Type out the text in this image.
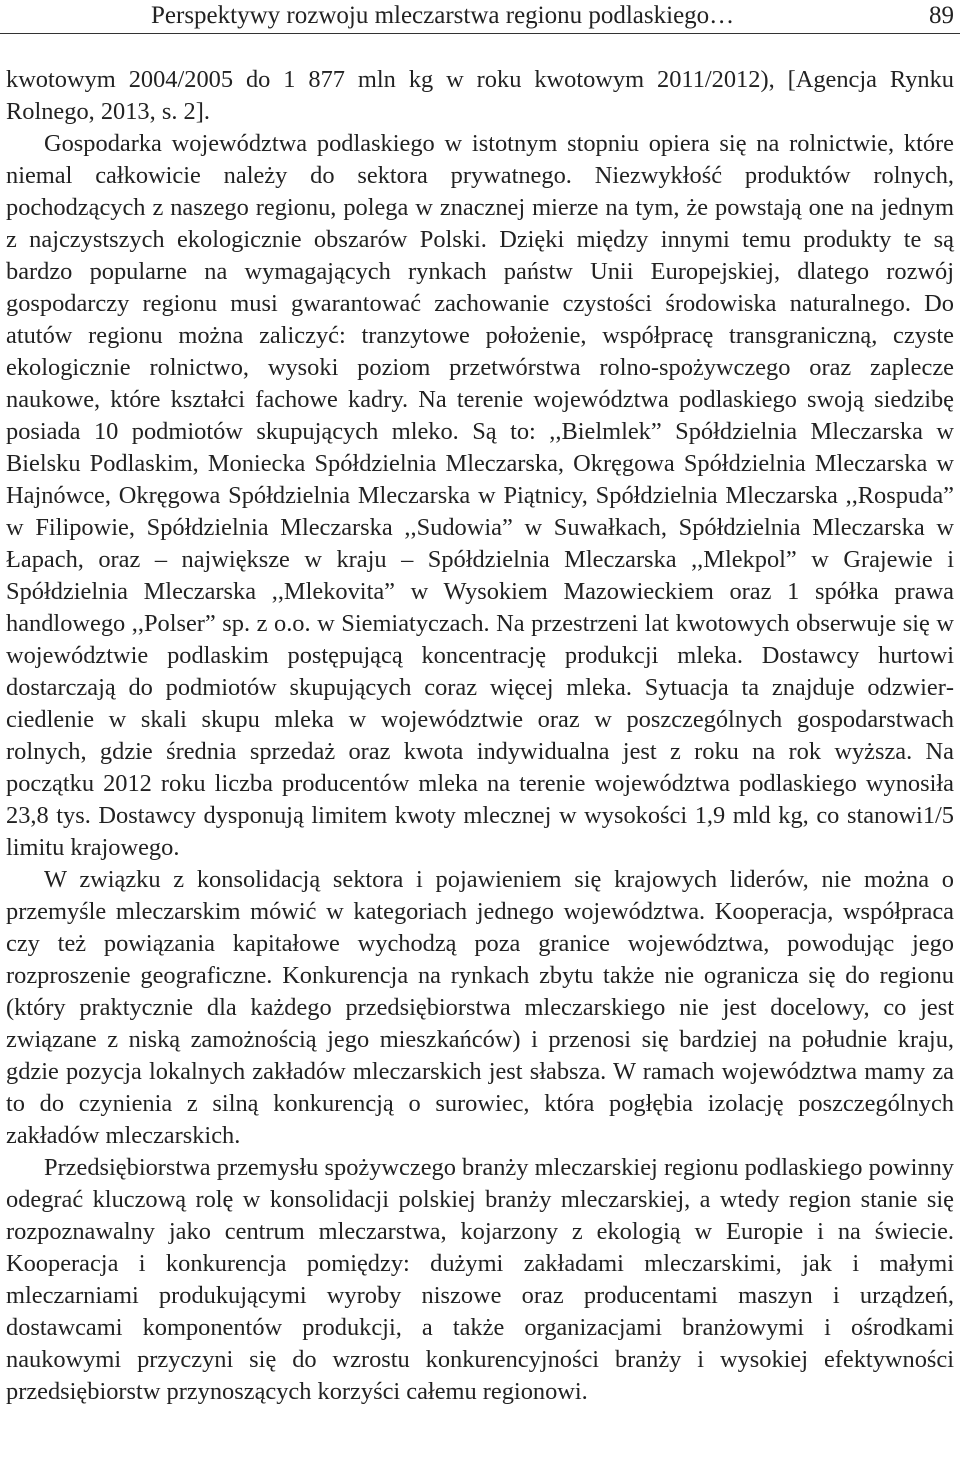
Perspektywy rozwoju mleczarstwa regionu podlaskiego…	89

kwotowym 2004/2005 do 1 877 mln kg w roku kwotowym 2011/2012), [Agencja Rynku Rolnego, 2013, s. 2].

Gospodarka województwa podlaskiego w istotnym stopniu opiera się na rolnictwie, które niemal całkowicie należy do sektora prywatnego. Niezwykłość produktów rolnych, pochodzących z naszego regionu, polega w znacznej mierze na tym, że powstają one na jednym z najczystszych ekologicznie obszarów Polski. Dzięki między innymi temu produkty te są bardzo popularne na wymagających rynkach państw Unii Europejskiej, dlatego rozwój gospodarczy regionu musi gwarantować zachowanie czystości środowiska naturalnego. Do atutów regionu można zaliczyć: tranzytowe położenie, współpracę transgraniczną, czyste ekologicznie rolnictwo, wysoki poziom przetwórstwa rolno-spożywczego oraz zaplecze naukowe, które kształci fachowe kadry. Na terenie województwa podlaskiego swoją siedzibę posiada 10 podmiotów skupujących mleko. Są to: ,,Bielmlek” Spółdzielnia Mleczarska w Bielsku Podlaskim, Moniecka Spółdzielnia Mleczarska, Okręgowa Spółdzielnia Mleczarska w Hajnówce, Okręgowa Spółdzielnia Mleczarska w Piątnicy, Spółdzielnia Mleczarska ,,Rospuda” w Filipowie, Spółdzielnia Mleczarska ,,Sudowia” w Suwałkach, Spółdzielnia Mleczarska w Łapach, oraz – największe w kraju – Spółdzielnia Mleczarska ,,Mlekpol” w Grajewie i Spółdzielnia Mleczarska ,,Mlekovita” w Wysokiem Mazowieckiem oraz 1 spółka prawa handlowego ,,Polser” sp. z o.o. w Siemiatyczach. Na przestrzeni lat kwotowych obserwuje się w województwie podlaskim postępującą koncentrację produkcji mleka. Dostawcy hurtowi dostarczają do podmiotów skupujących coraz więcej mleka. Sytuacja ta znajduje odzwierciedlenie w skali skupu mleka w województwie oraz w poszczególnych gospodarstwach rolnych, gdzie średnia sprzedaż oraz kwota indywidualna jest z roku na rok wyższa. Na początku 2012 roku liczba producentów mleka na terenie województwa podlaskiego wynosiła 23,8 tys. Dostawcy dysponują limitem kwoty mlecznej w wysokości 1,9 mld kg, co stanowi1/5 limitu krajowego.

W związku z konsolidacją sektora i pojawieniem się krajowych liderów, nie można o przemyśle mleczarskim mówić w kategoriach jednego województwa. Kooperacja, współpraca czy też powiązania kapitałowe wychodzą poza granice województwa, powodując jego rozproszenie geograficzne. Konkurencja na rynkach zbytu także nie ogranicza się do regionu (który praktycznie dla każdego przedsiębiorstwa mleczarskiego nie jest docelowy, co jest związane z niską zamożnością jego mieszkańców) i przenosi się bardziej na południe kraju, gdzie pozycja lokalnych zakładów mleczarskich jest słabsza. W ramach województwa mamy za to do czynienia z silną konkurencją o surowiec, która pogłębia izolację poszczególnych zakładów mleczarskich.

Przedsiębiorstwa przemysłu spożywczego branży mleczarskiej regionu podlaskiego powinny odegrać kluczową rolę w konsolidacji polskiej branży mleczarskiej, a wtedy region stanie się rozpoznawalny jako centrum mleczarstwa, kojarzony z ekologią w Europie i na świecie. Kooperacja i konkurencja pomiędzy: dużymi zakładami mleczarskimi, jak i małymi mleczarniami produkującymi wyroby niszowe oraz producentami maszyn i urządzeń, dostawcami komponentów produkcji, a także organizacjami branżowymi i ośrodkami naukowymi przyczyni się do wzrostu konkurencyjności branży i wysokiej efektywności przedsiębiorstw przynoszących korzyści całemu regionowi.
